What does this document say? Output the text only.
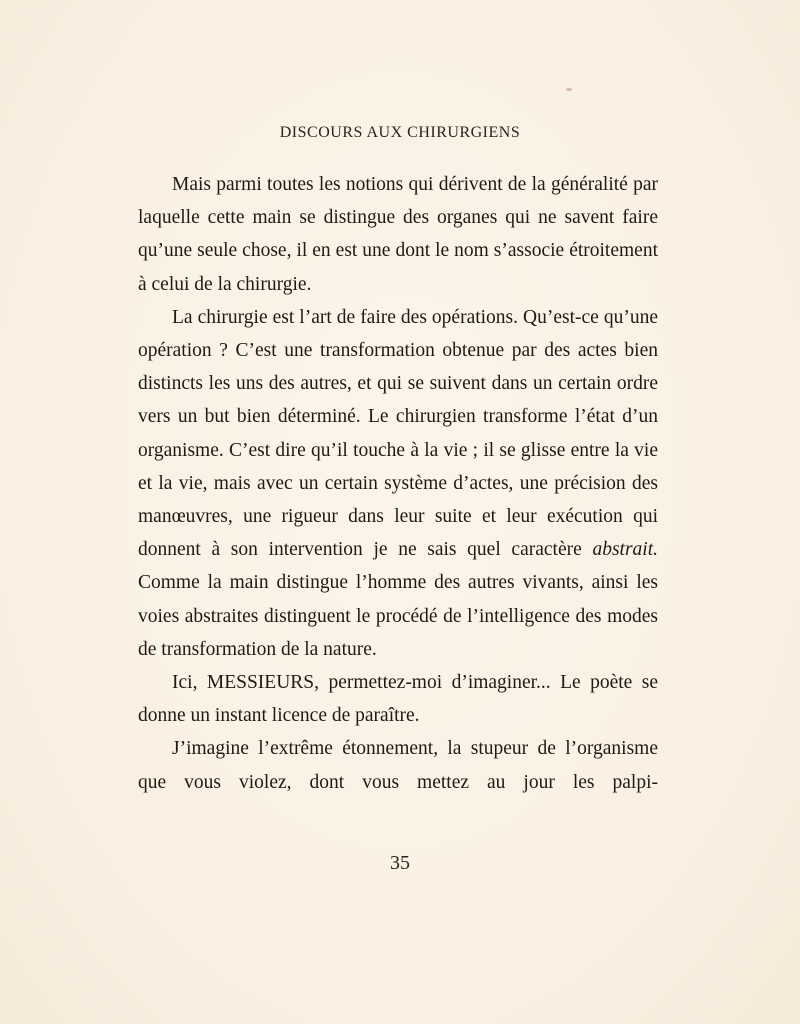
DISCOURS AUX CHIRURGIENS

Mais parmi toutes les notions qui dérivent de la généralité par laquelle cette main se distingue des organes qui ne savent faire qu’une seule chose, il en est une dont le nom s’associe étroitement à celui de la chirurgie.

La chirurgie est l’art de faire des opérations. Qu’est-ce qu’une opération ? C’est une transformation obtenue par des actes bien distincts les uns des autres, et qui se suivent dans un certain ordre vers un but bien déterminé. Le chirurgien transforme l’état d’un organisme. C’est dire qu’il touche à la vie ; il se glisse entre la vie et la vie, mais avec un certain système d’actes, une précision des manœuvres, une rigueur dans leur suite et leur exécution qui donnent à son intervention je ne sais quel caractère abstrait. Comme la main distingue l’homme des autres vivants, ainsi les voies abstraites distinguent le procédé de l’intelligence des modes de transformation de la nature.

Ici, MESSIEURS, permettez-moi d’imaginer... Le poète se donne un instant licence de paraître.

J’imagine l’extrême étonnement, la stupeur de l’organisme que vous violez, dont vous mettez au jour les palpi-

35
